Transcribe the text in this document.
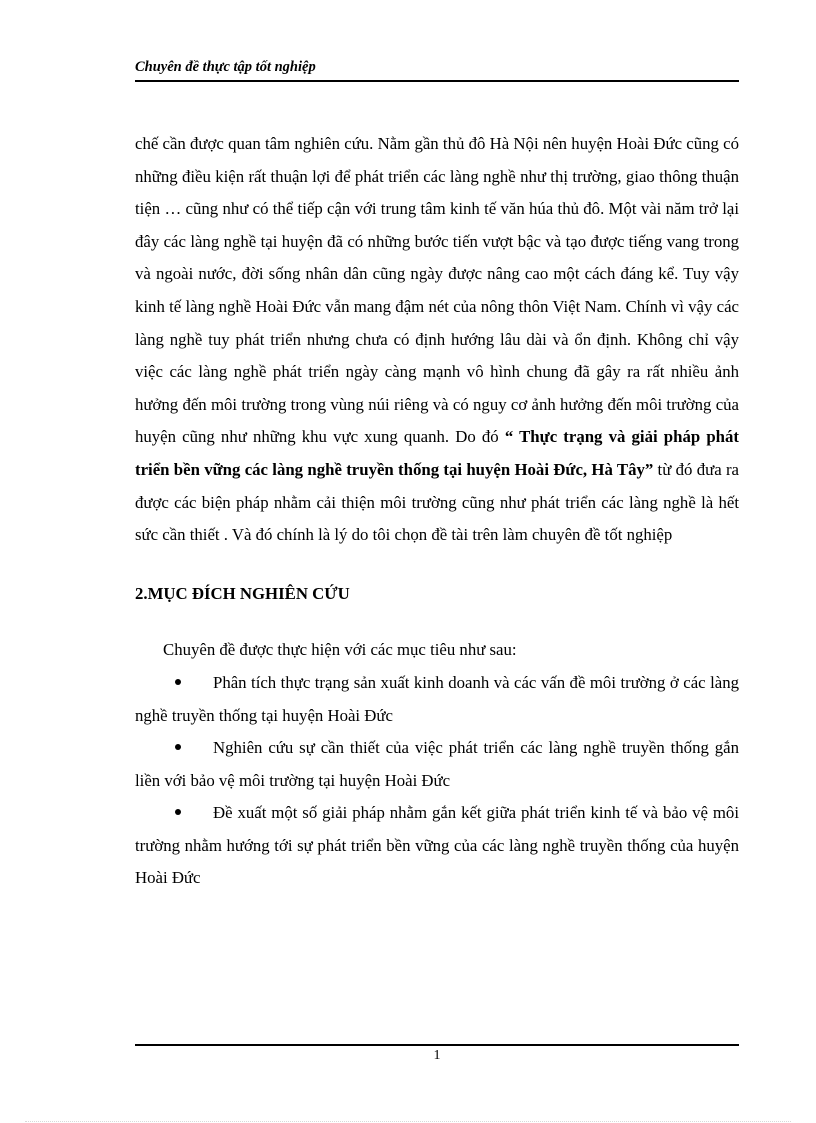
Chuyên đề thực tập tốt nghiệp

chế cần được quan tâm nghiên cứu. Nằm gần thủ đô Hà Nội nên huyện Hoài Đức cũng có những điều kiện rất thuận lợi để phát triển các làng nghề như thị trường, giao thông thuận tiện … cũng như có thể tiếp cận với trung tâm kinh tế văn húa thủ đô. Một vài năm trở lại đây các làng nghề tại huyện đã có những bước tiến vượt bậc và tạo được tiếng vang trong và ngoài nước, đời sống nhân dân cũng ngày được nâng cao một cách đáng kể. Tuy vậy kinh tế làng nghề Hoài Đức vẫn mang đậm nét của nông thôn Việt Nam. Chính vì vậy các làng nghề tuy phát triển nhưng chưa có định hướng lâu dài và ổn định. Không chỉ vậy việc các làng nghề phát triển ngày càng mạnh vô hình chung đã gây ra rất nhiều ảnh hưởng đến môi trường trong vùng núi riêng và có nguy cơ ảnh hưởng đến môi trường của huyện cũng như những khu vực xung quanh. Do đó “ Thực trạng và giải pháp phát triển bền vững các làng nghề truyền thống tại huyện Hoài Đức, Hà Tây” từ đó đưa ra được các biện pháp nhằm cải thiện môi trường cũng như phát triển các làng nghề là hết sức cần thiết . Và đó chính là lý do tôi chọn đề tài trên làm chuyên đề tốt nghiệp

2.MỤC ĐÍCH NGHIÊN CỨU

Chuyên đề được thực hiện với các mục tiêu như sau:

Phân tích thực trạng sản xuất kinh doanh và các vấn đề môi trường ở các làng nghề truyền thống tại huyện Hoài Đức

Nghiên cứu sự cần thiết của việc phát triển các làng nghề truyền thống gắn liền với bảo vệ môi trường tại huyện Hoài Đức

Đề xuất một số giải pháp nhằm gắn kết giữa phát triển kinh tế và bảo vệ môi trường nhằm hướng tới sự phát triển bền vững của các làng nghề truyền thống của huyện Hoài Đức

1
